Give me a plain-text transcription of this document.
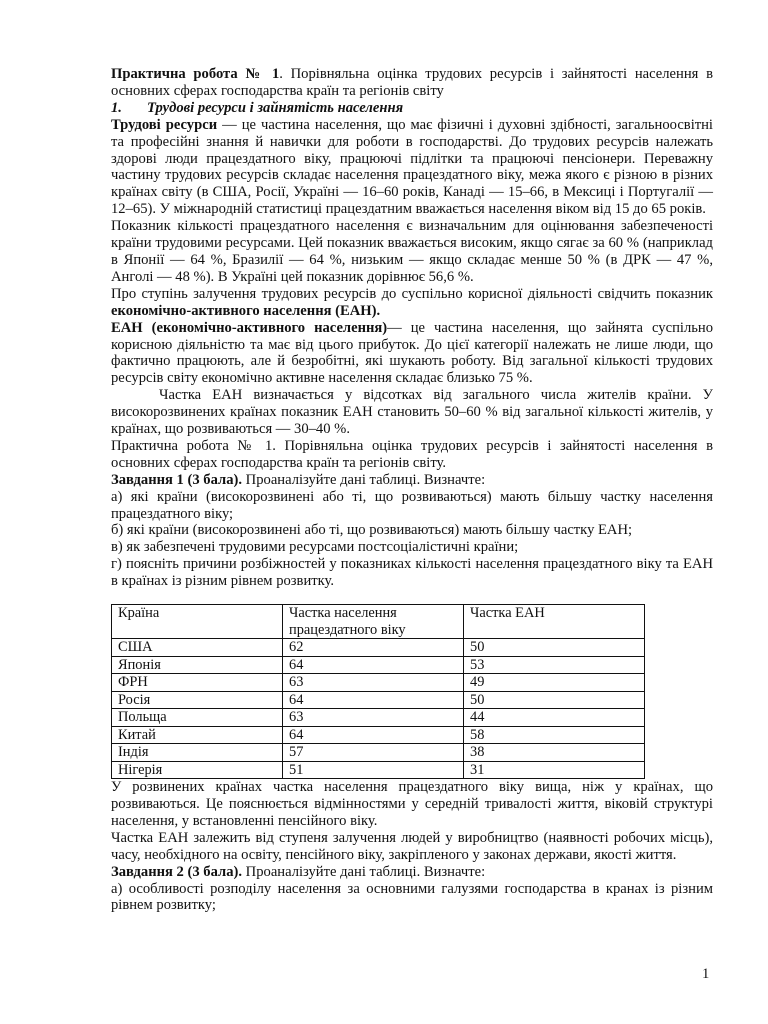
Практична робота № 1. Порівняльна оцінка трудових ресурсів і зайнятості населення в основних сферах господарства країн та регіонів світу

1. Трудові ресурси і зайнятість населення

Трудові ресурси — це частина населення, що має фізичні і духовні здібності, загальноосвітні та професійні знання й навички для роботи в господарстві. До трудових ресурсів належать здорові люди працездатного віку, працюючі підлітки та працюючі пенсіонери. Переважну частину трудових ресурсів складає населення працездатного віку, межа якого є різною в різних країнах світу (в США, Росії, Україні — 16–60 років, Канаді — 15–66, в Мексиці і Португалії — 12–65). У міжнародній статистиці працездатним вважається населення віком від 15 до 65 років.

Показник кількості працездатного населення є визначальним для оцінювання забезпеченості країни трудовими ресурсами. Цей показник вважається високим, якщо сягає за 60 % (наприклад в Японії — 64 %, Бразилії — 64 %, низьким — якщо складає менше 50 % (в ДРК — 47 %, Анголі — 48 %). В Україні цей показник дорівнює 56,6 %.

Про ступінь залучення трудових ресурсів до суспільно корисної діяльності свідчить показник економічно-активного населення (ЕАН).

ЕАН (економічно-активного населення)— це частина населення, що зайнята суспільно корисною діяльністю та має від цього прибуток. До цієї категорії належать не лише люди, що фактично працюють, але й безробітні, які шукають роботу. Від загальної кількості трудових ресурсів світу економічно активне населення складає близько 75 %.

Частка ЕАН визначається у відсотках від загального числа жителів країни. У високорозвинених країнах показник ЕАН становить 50–60 % від загальної кількості жителів, у країнах, що розвиваються — 30–40 %.

Практична робота № 1. Порівняльна оцінка трудових ресурсів і зайнятості населення в основних сферах господарства країн та регіонів світу.

Завдання 1 (3 бала). Проаналізуйте дані таблиці. Визначте:

а) які країни (високорозвинені або ті, що розвиваються) мають більшу частку населення працездатного віку;

б) які країни (високорозвинені або ті, що розвиваються) мають більшу частку ЕАН;

в) як забезпечені трудовими ресурсами постсоціалістичні країни;

г) поясніть причини розбіжностей у показниках кількості населення працездатного віку та ЕАН в країнах із різним рівнем розвитку.

Країна	Частка населення працездатного віку	Частка ЕАН
США	62	50
Японія	64	53
ФРН	63	49
Росія	64	50
Польща	63	44
Китай	64	58
Індія	57	38
Нігерія	51	31

У розвинених країнах частка населення працездатного віку вища, ніж у країнах, що розвиваються. Це пояснюється відмінностями у середній тривалості життя, віковій структурі населення, у встановленні пенсійного віку.

Частка ЕАН залежить від ступеня залучення людей у виробництво (наявності робочих місць), часу, необхідного на освіту, пенсійного віку, закріпленого у законах держави, якості життя.

Завдання 2 (3 бала). Проаналізуйте дані таблиці. Визначте:

а) особливості розподілу населення за основними галузями господарства в кранах із різним рівнем розвитку;

1
